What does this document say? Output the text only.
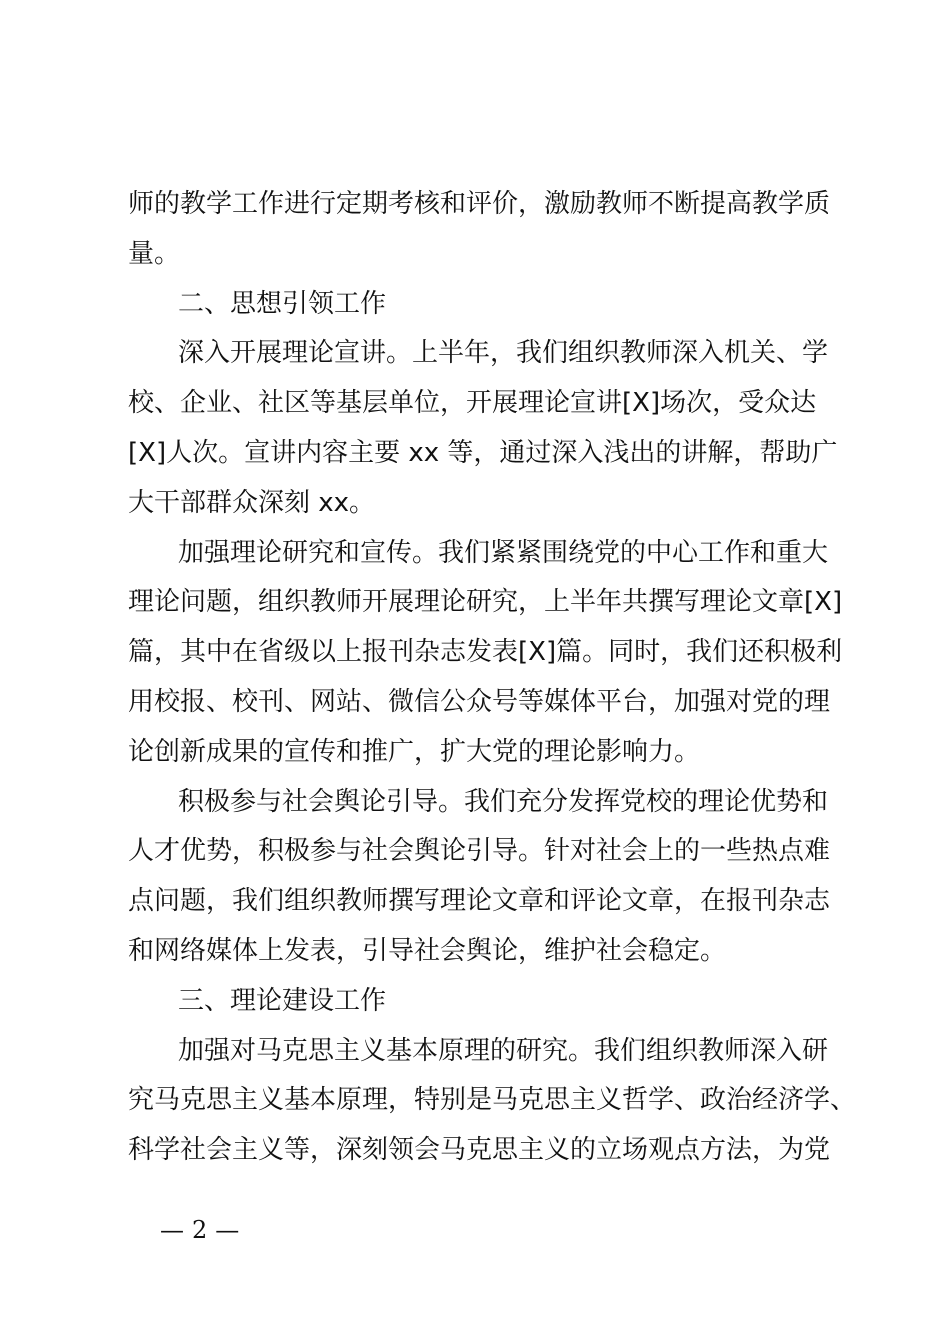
师的教学工作进行定期考核和评价，激励教师不断提高教学质
量。
二、思想引领工作
深入开展理论宣讲。上半年，我们组织教师深入机关、学
校、企业、社区等基层单位，开展理论宣讲[X]场次，受众达
[X]人次。宣讲内容主要 xx 等，通过深入浅出的讲解，帮助广
大干部群众深刻 xx。
加强理论研究和宣传。我们紧紧围绕党的中心工作和重大
理论问题，组织教师开展理论研究，上半年共撰写理论文章[X]
篇，其中在省级以上报刊杂志发表[X]篇。同时，我们还积极利
用校报、校刊、网站、微信公众号等媒体平台，加强对党的理
论创新成果的宣传和推广，扩大党的理论影响力。
积极参与社会舆论引导。我们充分发挥党校的理论优势和
人才优势，积极参与社会舆论引导。针对社会上的一些热点难
点问题，我们组织教师撰写理论文章和评论文章，在报刊杂志
和网络媒体上发表，引导社会舆论，维护社会稳定。
三、理论建设工作
加强对马克思主义基本原理的研究。我们组织教师深入研
究马克思主义基本原理，特别是马克思主义哲学、政治经济学、
科学社会主义等，深刻领会马克思主义的立场观点方法，为党
— 2 —
